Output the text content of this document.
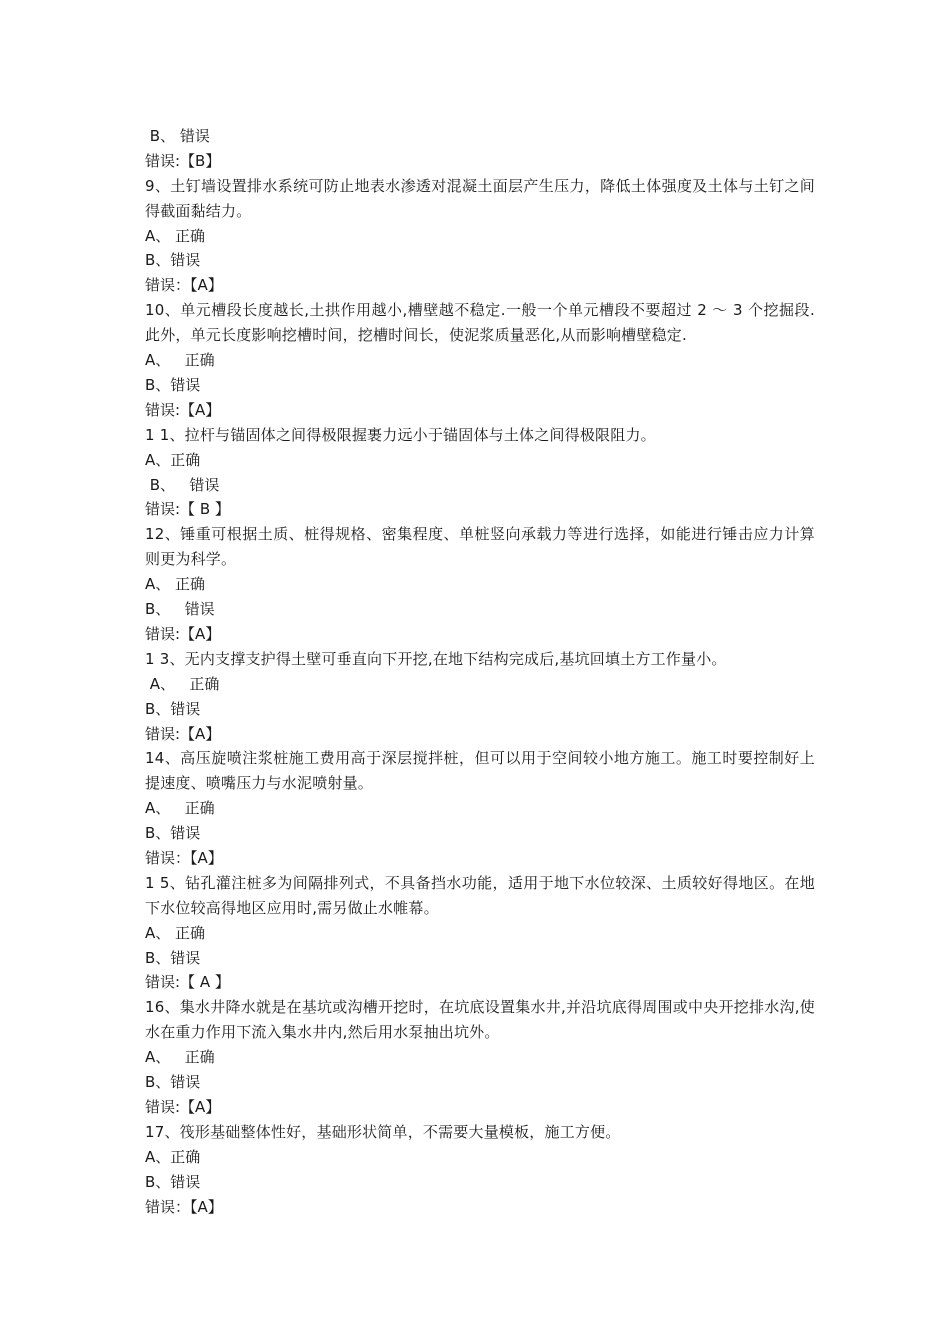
B、 错误
错误:【B】
9、土钉墙设置排水系统可防止地表水渗透对混凝土面层产生压力，降低土体强度及土体与土钉之间得截面黏结力。
A、 正确
B、错误
错误：【A】
10、单元槽段长度越长,土拱作用越小,槽壁越不稳定.一般一个单元槽段不要超过 2 ～ 3 个挖掘段.此外，单元长度影响挖槽时间，挖槽时间长，使泥浆质量恶化,从而影响槽壁稳定.
A、   正确
B、错误
错误:【A】
1 1、拉杆与锚固体之间得极限握裹力远小于锚固体与土体之间得极限阻力。
A、正确
B、   错误
错误:【 B 】
12、锤重可根据土质、桩得规格、密集程度、单桩竖向承载力等进行选择，如能进行锤击应力计算则更为科学。
A、 正确
B、   错误
错误:【A】
1 3、无内支撑支护得土壁可垂直向下开挖,在地下结构完成后,基坑回填土方工作量小。
A、   正确
B、错误
错误:【A】
14、高压旋喷注浆桩施工费用高于深层搅拌桩，但可以用于空间较小地方施工。施工时要控制好上提速度、喷嘴压力与水泥喷射量。
A、   正确
B、错误
错误：【A】
1 5、钻孔灌注桩多为间隔排列式，不具备挡水功能，适用于地下水位较深、土质较好得地区。在地下水位较高得地区应用时,需另做止水帷幕。
A、 正确
B、错误
错误:【 A 】
16、集水井降水就是在基坑或沟槽开挖时，在坑底设置集水井,并沿坑底得周围或中央开挖排水沟,使水在重力作用下流入集水井内,然后用水泵抽出坑外。
A、   正确
B、错误
错误:【A】
17、筏形基础整体性好，基础形状简单，不需要大量模板，施工方便。
A、正确
B、错误
错误：【A】
